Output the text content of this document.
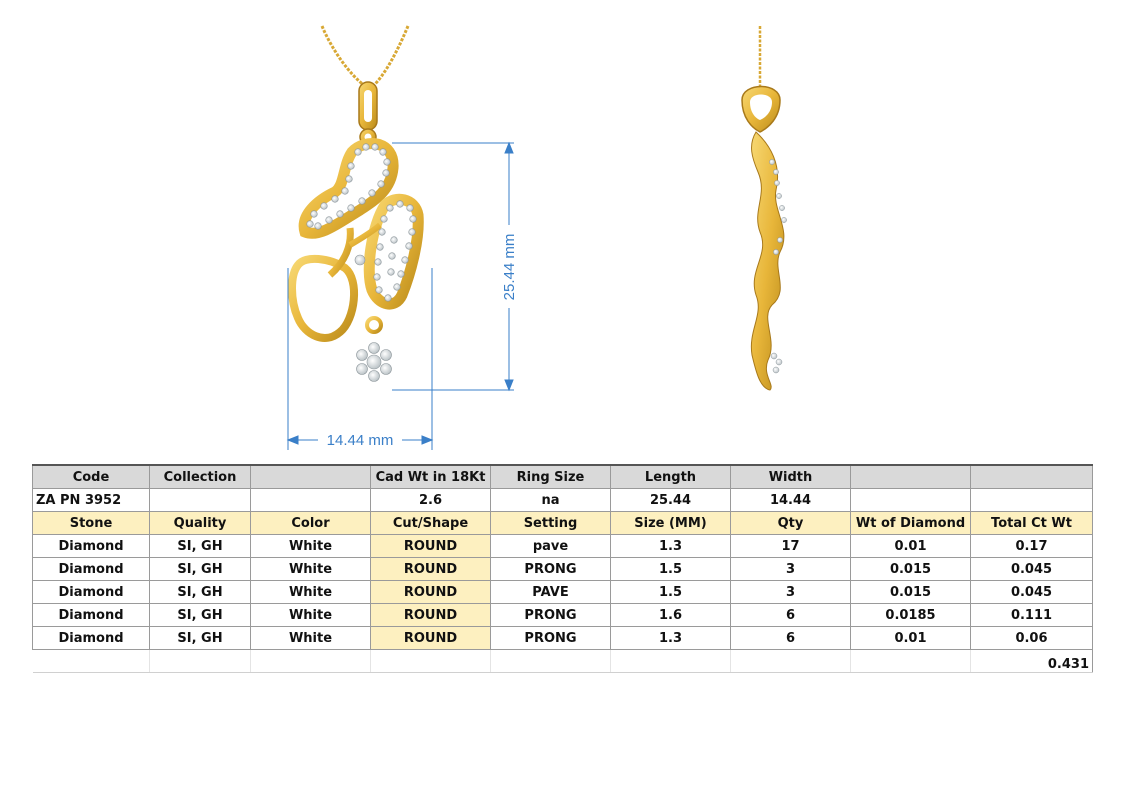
25.44 mm
14.44 mm
Code	Collection		Cad Wt in 18Kt	Ring Size	Length	Width		
ZA PN 3952			2.6	na	25.44	14.44		
Stone	Quality	Color	Cut/Shape	Setting	Size (MM)	Qty	Wt of Diamond	Total Ct Wt
Diamond	SI, GH	White	ROUND	pave	1.3	17	0.01	0.17
Diamond	SI, GH	White	ROUND	PRONG	1.5	3	0.015	0.045
Diamond	SI, GH	White	ROUND	PAVE	1.5	3	0.015	0.045
Diamond	SI, GH	White	ROUND	PRONG	1.6	6	0.0185	0.111
Diamond	SI, GH	White	ROUND	PRONG	1.3	6	0.01	0.06
								0.431
